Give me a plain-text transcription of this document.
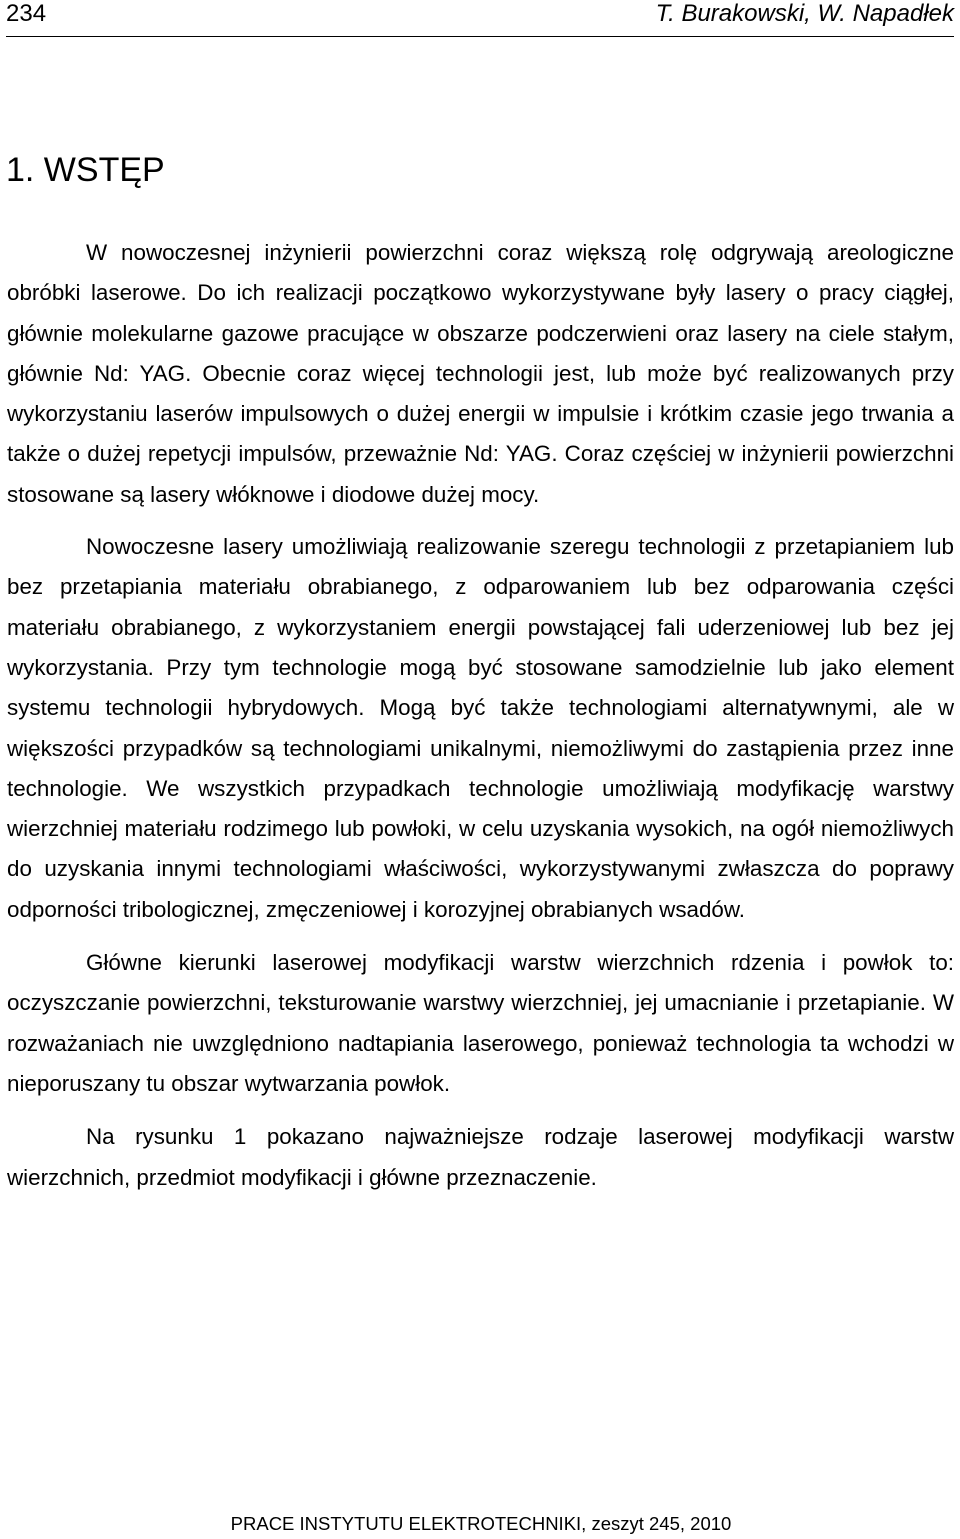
234	T. Burakowski, W. Napadłek
1. WSTĘP

W nowoczesnej inżynierii powierzchni coraz większą rolę odgrywają areologiczne obróbki laserowe. Do ich realizacji początkowo wykorzystywane były lasery o pracy ciągłej, głównie molekularne gazowe pracujące w obszarze podczerwieni oraz lasery na ciele stałym, głównie Nd: YAG. Obecnie coraz więcej technologii jest, lub może być realizowanych przy wykorzystaniu laserów impulsowych o dużej energii w impulsie i krótkim czasie jego trwania a także o dużej repetycji impulsów, przeważnie Nd: YAG. Coraz częściej w inżynierii powierzchni stosowane są lasery włóknowe i diodowe dużej mocy.

Nowoczesne lasery umożliwiają realizowanie szeregu technologii z przetapianiem lub bez przetapiania materiału obrabianego, z odparowaniem lub bez odparowania części materiału obrabianego, z wykorzystaniem energii powstającej fali uderzeniowej lub bez jej wykorzystania. Przy tym technologie mogą być stosowane samodzielnie lub jako element systemu technologii hybrydowych. Mogą być także technologiami alternatywnymi, ale w większości przypadków są technologiami unikalnymi, niemożliwymi do zastąpienia przez inne technologie. We wszystkich przypadkach technologie umożliwiają modyfikację warstwy wierzchniej materiału rodzimego lub powłoki, w celu uzyskania wysokich, na ogół niemożliwych do uzyskania innymi technologiami właściwości, wykorzystywanymi zwłaszcza do poprawy odporności tribologicznej, zmęczeniowej i korozyjnej obrabianych wsadów.

Główne kierunki laserowej modyfikacji warstw wierzchnich rdzenia i powłok to: oczyszczanie powierzchni, teksturowanie warstwy wierzchniej, jej umacnianie i przetapianie. W rozważaniach nie uwzględniono nadtapiania laserowego, ponieważ technologia ta wchodzi w nieporuszany tu obszar wytwarzania powłok.

Na rysunku 1 pokazano najważniejsze rodzaje laserowej modyfikacji warstw wierzchnich, przedmiot modyfikacji i główne przeznaczenie.

PRACE INSTYTUTU ELEKTROTECHNIKI, zeszyt 245, 2010
